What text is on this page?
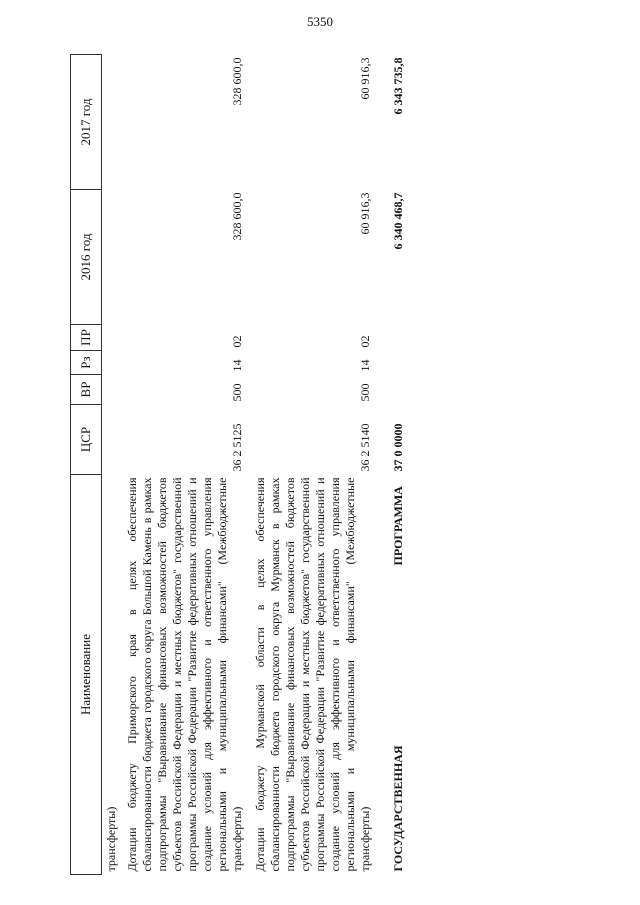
5350
Наименование	ЦСР	ВР	Рз	ПР	2016 год	2017 год
трансферты)						
Дотации бюджету Приморского края в целях обеспечения сбалансированности бюджета городского округа Большой Камень в рамках подпрограммы "Выравнивание финансовых возможностей бюджетов субъектов Российской Федерации и местных бюджетов" государственной программы Российской Федерации "Развитие федеративных отношений и создание условий для эффективного и ответственного управления региональными и муниципальными финансами" (Межбюджетные трансферты)	36 2 5125	500	14	02	328 600,0	328 600,0
Дотации бюджету Мурманской области в целях обеспечения сбалансированности бюджета городского округа Мурманск в рамках подпрограммы "Выравнивание финансовых возможностей бюджетов субъектов Российской Федерации и местных бюджетов" государственной программы Российской Федерации "Развитие федеративных отношений и создание условий для эффективного и ответственного управления региональными и муниципальными финансами" (Межбюджетные трансферты)	36 2 5140	500	14	02	60 916,3	60 916,3
ГОСУДАРСТВЕННАЯПРОГРАММА	37 0 0000				6 340 468,7	6 343 735,8
